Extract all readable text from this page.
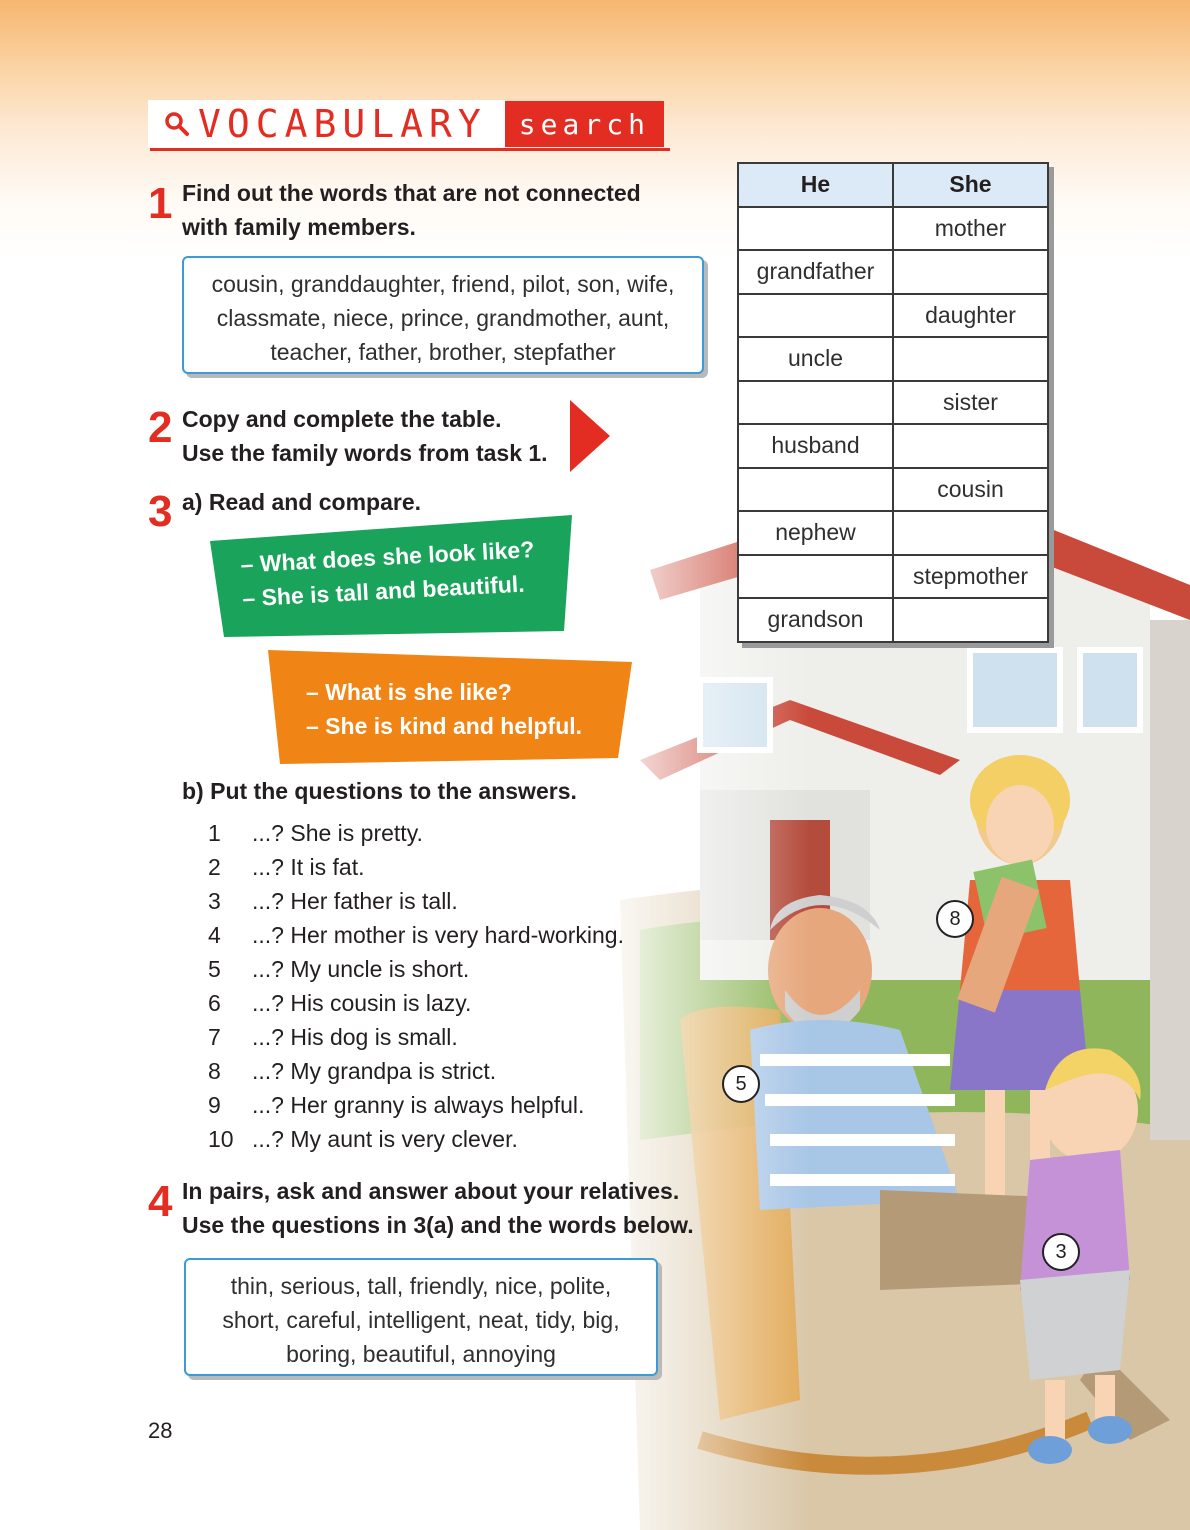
VOCABULARY	search
1 Find out the words that are not connected
with family members.
cousin, granddaughter, friend, pilot, son, wife,
classmate, niece, prince, grandmother, aunt,
teacher, father, brother, stepfather
2 Copy and complete the table.
Use the family words from task 1.
3 a) Read and compare.
– What does she look like?
– She is tall and beautiful.
– What is she like?
– She is kind and helpful.
b) Put the questions to the answers.
1	...? She is pretty.
2	...? It is fat.
3	...? Her father is tall.
4	...? Her mother is very hard-working.
5	...? My uncle is short.
6	...? His cousin is lazy.
7	...? His dog is small.
8	...? My grandpa is strict.
9	...? Her granny is always helpful.
10 ...? My aunt is very clever.
4 In pairs, ask and answer about your relatives.
Use the questions in 3(a) and the words below.
thin, serious, tall, friendly, nice, polite,
short, careful, intelligent, neat, tidy, big,
boring, beautiful, annoying
He	She
	mother
grandfather	
	daughter
uncle	
	sister
husband	
	cousin
nephew	
	stepmother
grandson	
8
5
3
28
